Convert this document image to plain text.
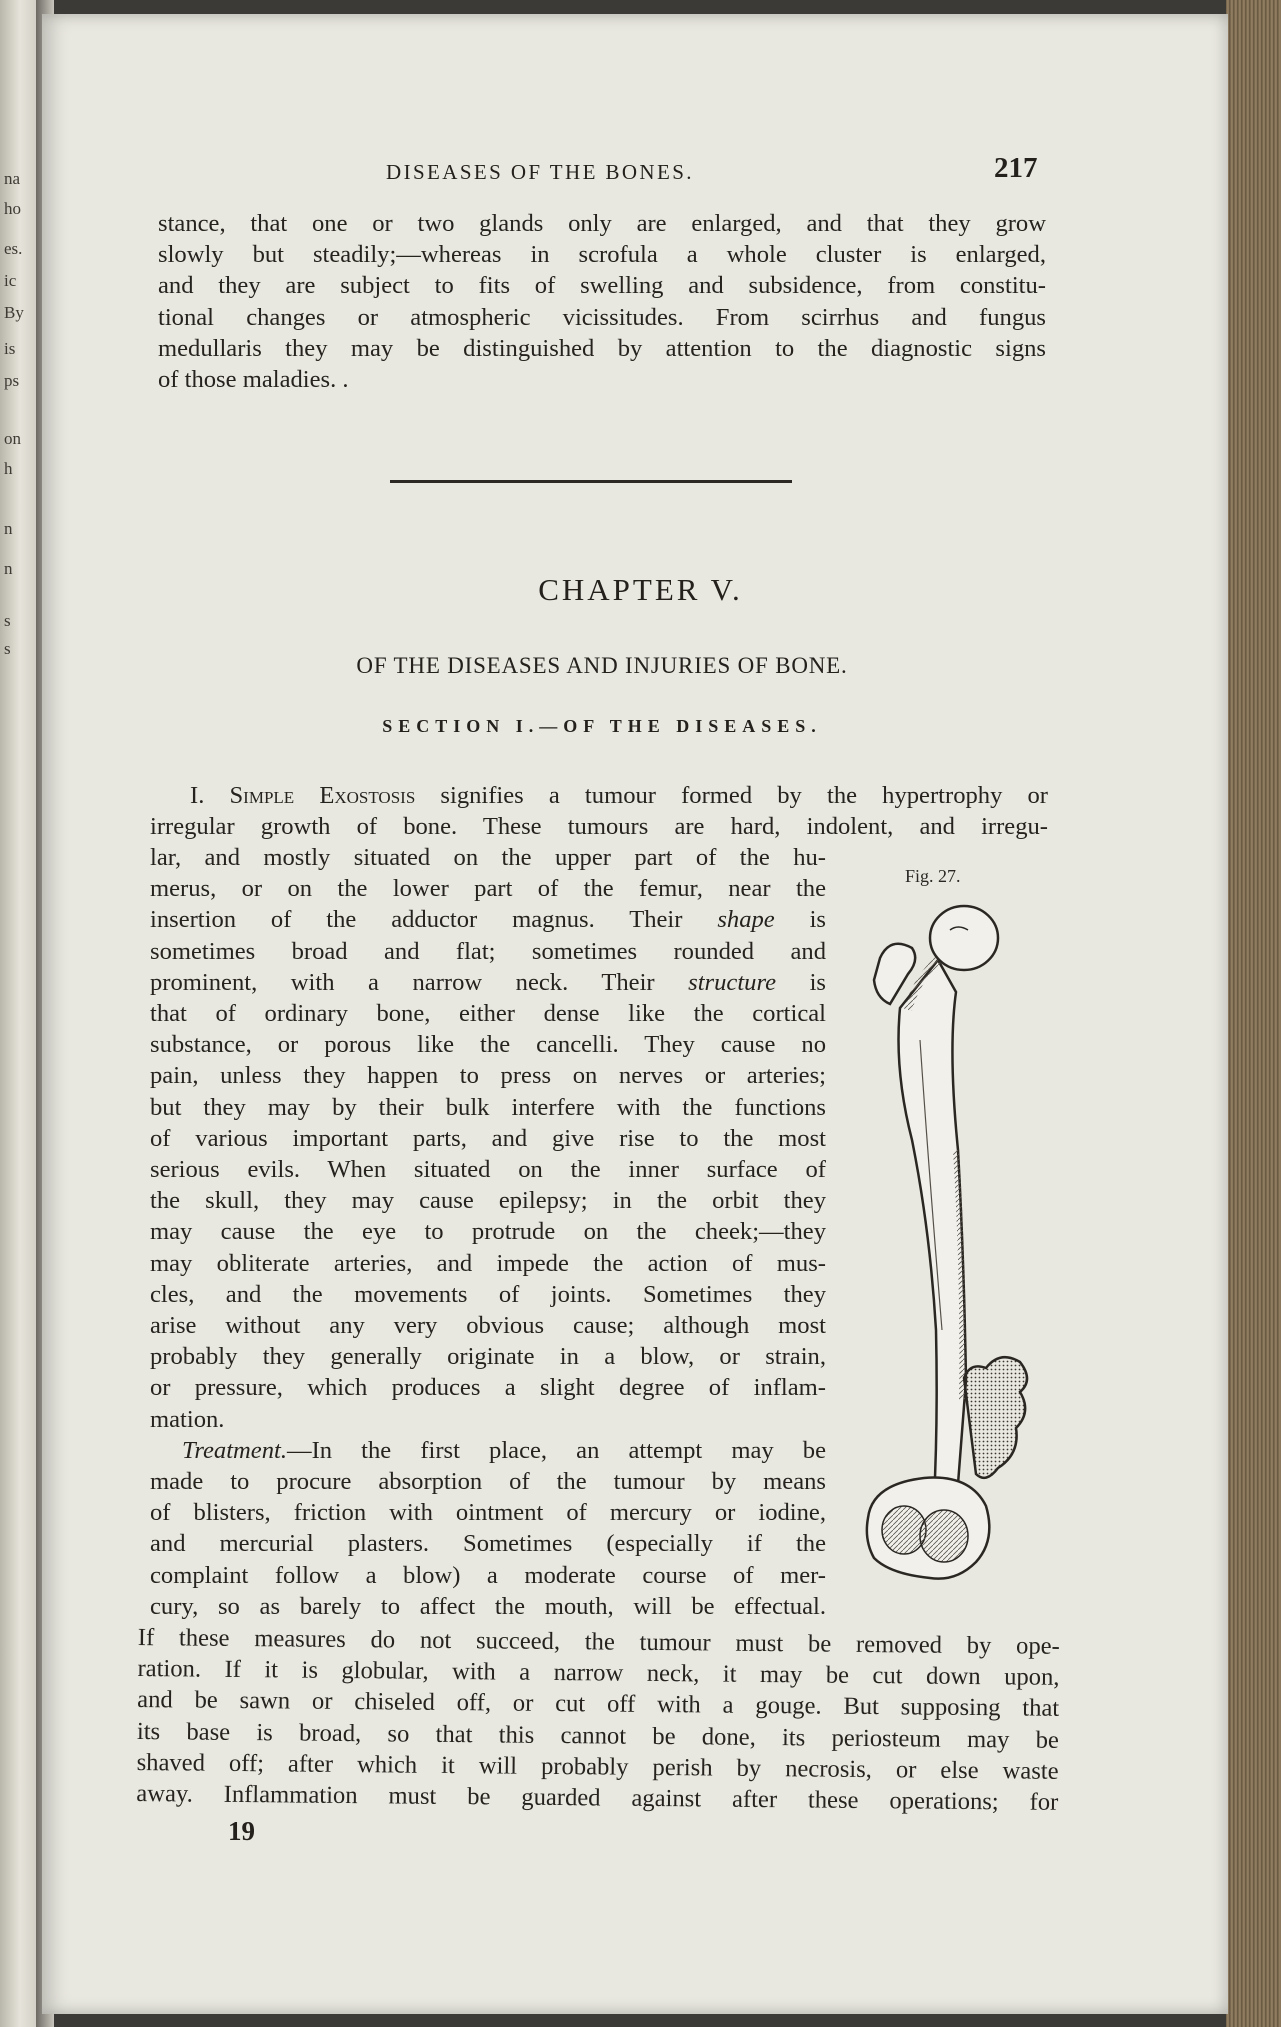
na
ho
es.
ic
By
is
ps
on
h
n
n
s
s
DISEASES OF THE BONES.	217
stance, that one or two glands only are enlarged, and that they grow
slowly but steadily;—whereas in scrofula a whole cluster is enlarged,
and they are subject to fits of swelling and subsidence, from constitu-
tional changes or atmospheric vicissitudes. From scirrhus and fungus
medullaris they may be distinguished by attention to the diagnostic signs
of those maladies. .
CHAPTER V.
OF THE DISEASES AND INJURIES OF BONE.
SECTION I.—OF THE DISEASES.
I. Simple Exostosis signifies a tumour formed by the hypertrophy or
irregular growth of bone. These tumours are hard, indolent, and irregu-
lar, and mostly situated on the upper part of the hu-
merus, or on the lower part of the femur, near the
insertion of the adductor magnus. Their shape is
sometimes broad and flat; sometimes rounded and
prominent, with a narrow neck. Their structure is
that of ordinary bone, either dense like the cortical
substance, or porous like the cancelli. They cause no
pain, unless they happen to press on nerves or arteries;
but they may by their bulk interfere with the functions
of various important parts, and give rise to the most
serious evils. When situated on the inner surface of
the skull, they may cause epilepsy; in the orbit they
may cause the eye to protrude on the cheek;—they
may obliterate arteries, and impede the action of mus-
cles, and the movements of joints. Sometimes they
arise without any very obvious cause; although most
probably they generally originate in a blow, or strain,
or pressure, which produces a slight degree of inflam-
mation.
Treatment.—In the first place, an attempt may be
made to procure absorption of the tumour by means
of blisters, friction with ointment of mercury or iodine,
and mercurial plasters. Sometimes (especially if the
complaint follow a blow) a moderate course of mer-
cury, so as barely to affect the mouth, will be effectual.
If these measures do not succeed, the tumour must be removed by ope-
ration. If it is globular, with a narrow neck, it may be cut down upon,
and be sawn or chiseled off, or cut off with a gouge. But supposing that
its base is broad, so that this cannot be done, its periosteum may be
shaved off; after which it will probably perish by necrosis, or else waste
away. Inflammation must be guarded against after these operations; for
Fig. 27.
19
